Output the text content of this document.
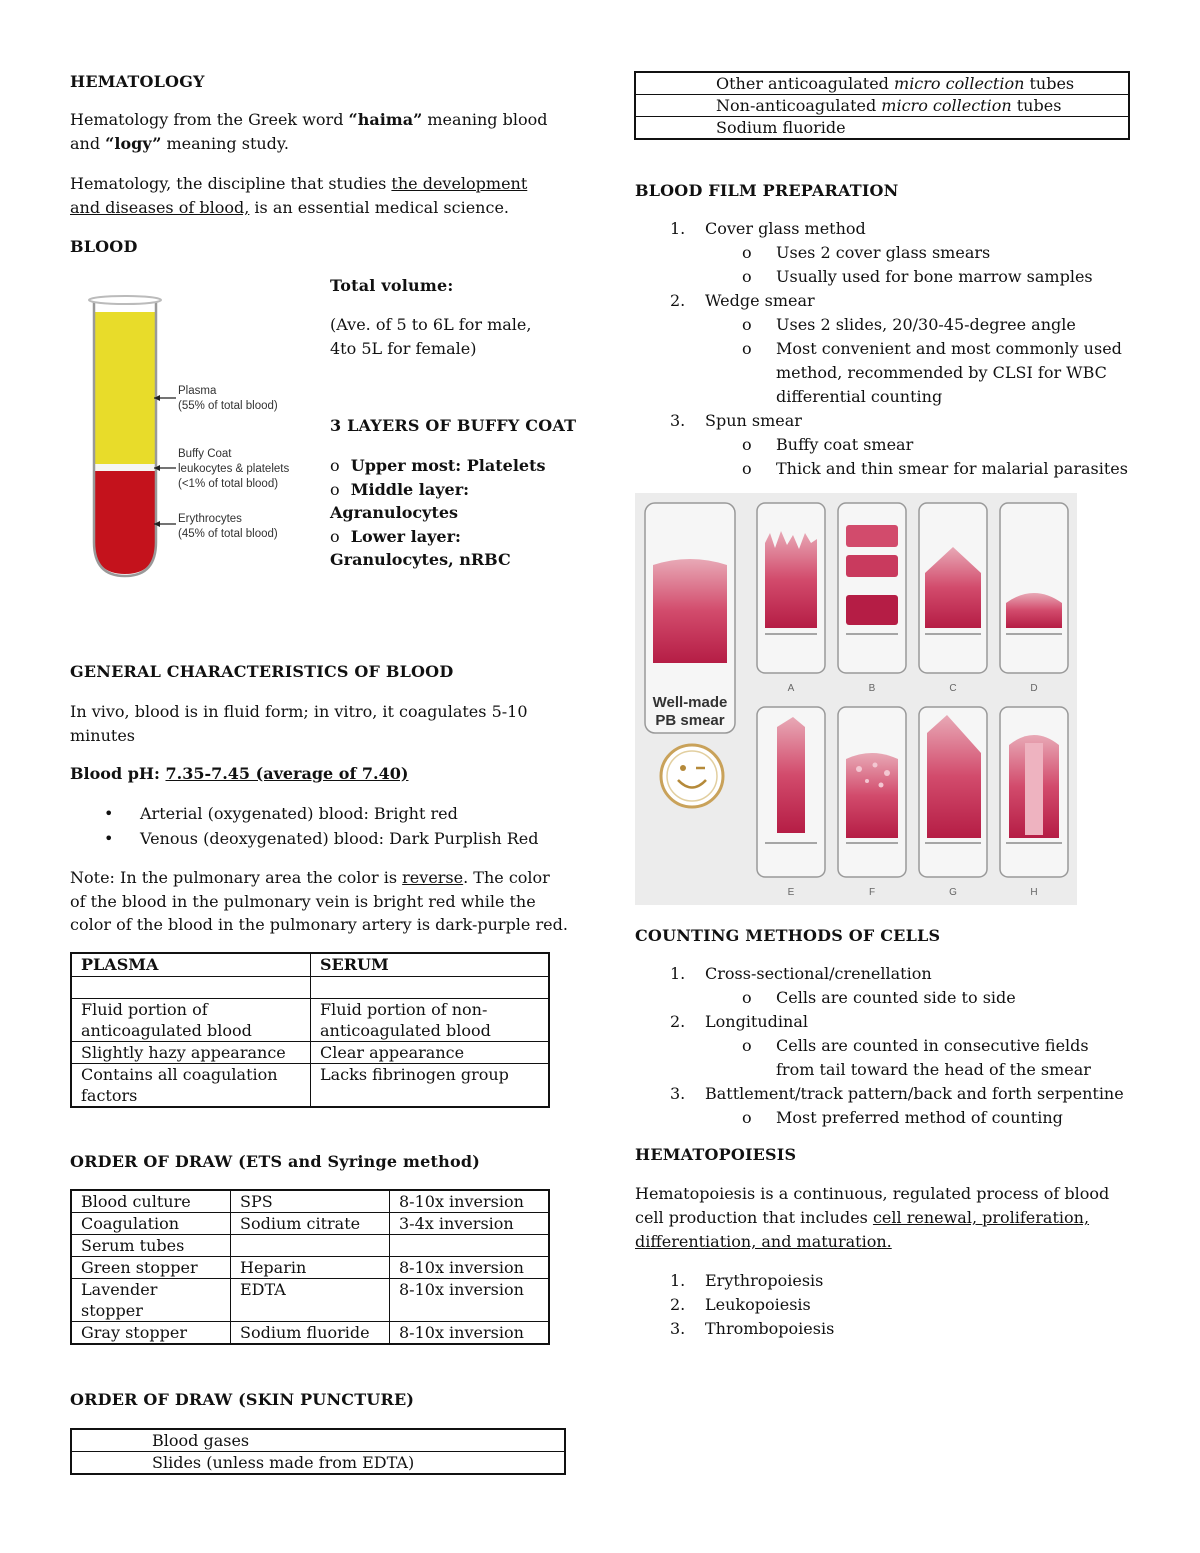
HEMATOLOGY

Hematology from the Greek word “haima” meaning blood and “logy” meaning study.

Hematology, the discipline that studies the development and diseases of blood, is an essential medical science.

BLOOD
Plasma
(55% of total blood)
Buffy Coat
leukocytes & platelets
(<1% of total blood)
Erythrocytes
(45% of total blood)
Total volume:

(Ave. of 5 to 6L for male, 4to 5L for female)

3 LAYERS OF BUFFY COAT
o Upper most: Platelets
o Middle layer:
Agranulocytes
o Lower layer:
Granulocytes, nRBC
GENERAL CHARACTERISTICS OF BLOOD

In vivo, blood is in fluid form; in vitro, it coagulates 5-10 minutes

Blood pH: 7.35-7.45 (average of 7.40)
• Arterial (oxygenated) blood: Bright red
• Venous (deoxygenated) blood: Dark Purplish Red

Note: In the pulmonary area the color is reverse. The color of the blood in the pulmonary vein is bright red while the color of the blood in the pulmonary artery is dark-purple red.

PLASMA	SERUM

Fluid portion of anticoagulated blood	Fluid portion of non-anticoagulated blood
Slightly hazy appearance	Clear appearance
Contains all coagulation factors	Lacks fibrinogen group
ORDER OF DRAW (ETS and Syringe method)
Blood culture	SPS	8-10x inversion
Coagulation	Sodium citrate	3-4x inversion
Serum tubes		
Green stopper	Heparin	8-10x inversion
Lavender stopper	EDTA	8-10x inversion
Gray stopper	Sodium fluoride	8-10x inversion
ORDER OF DRAW (SKIN PUNCTURE)
Blood gases
Slides (unless made from EDTA)
Other anticoagulated micro collection tubes
Non-anticoagulated micro collection tubes
Sodium fluoride
BLOOD FILM PREPARATION
1. Cover glass method
o Uses 2 cover glass smears
o Usually used for bone marrow samples
2. Wedge smear
o Uses 2 slides, 20/30-45-degree angle
o Most convenient and most commonly used method, recommended by CLSI for WBC differential counting
3. Spun smear
o Buffy coat smear
o Thick and thin smear for malarial parasites
Well-made
PB smear
A	B	C	D
E	F	G	H
COUNTING METHODS OF CELLS
1. Cross-sectional/crenellation
o Cells are counted side to side
2. Longitudinal
o Cells are counted in consecutive fields from tail toward the head of the smear
3. Battlement/track pattern/back and forth serpentine
o Most preferred method of counting
HEMATOPOIESIS

Hematopoiesis is a continuous, regulated process of blood cell production that includes cell renewal, proliferation, differentiation, and maturation.

1. Erythropoiesis
2. Leukopoiesis
3. Thrombopoiesis
